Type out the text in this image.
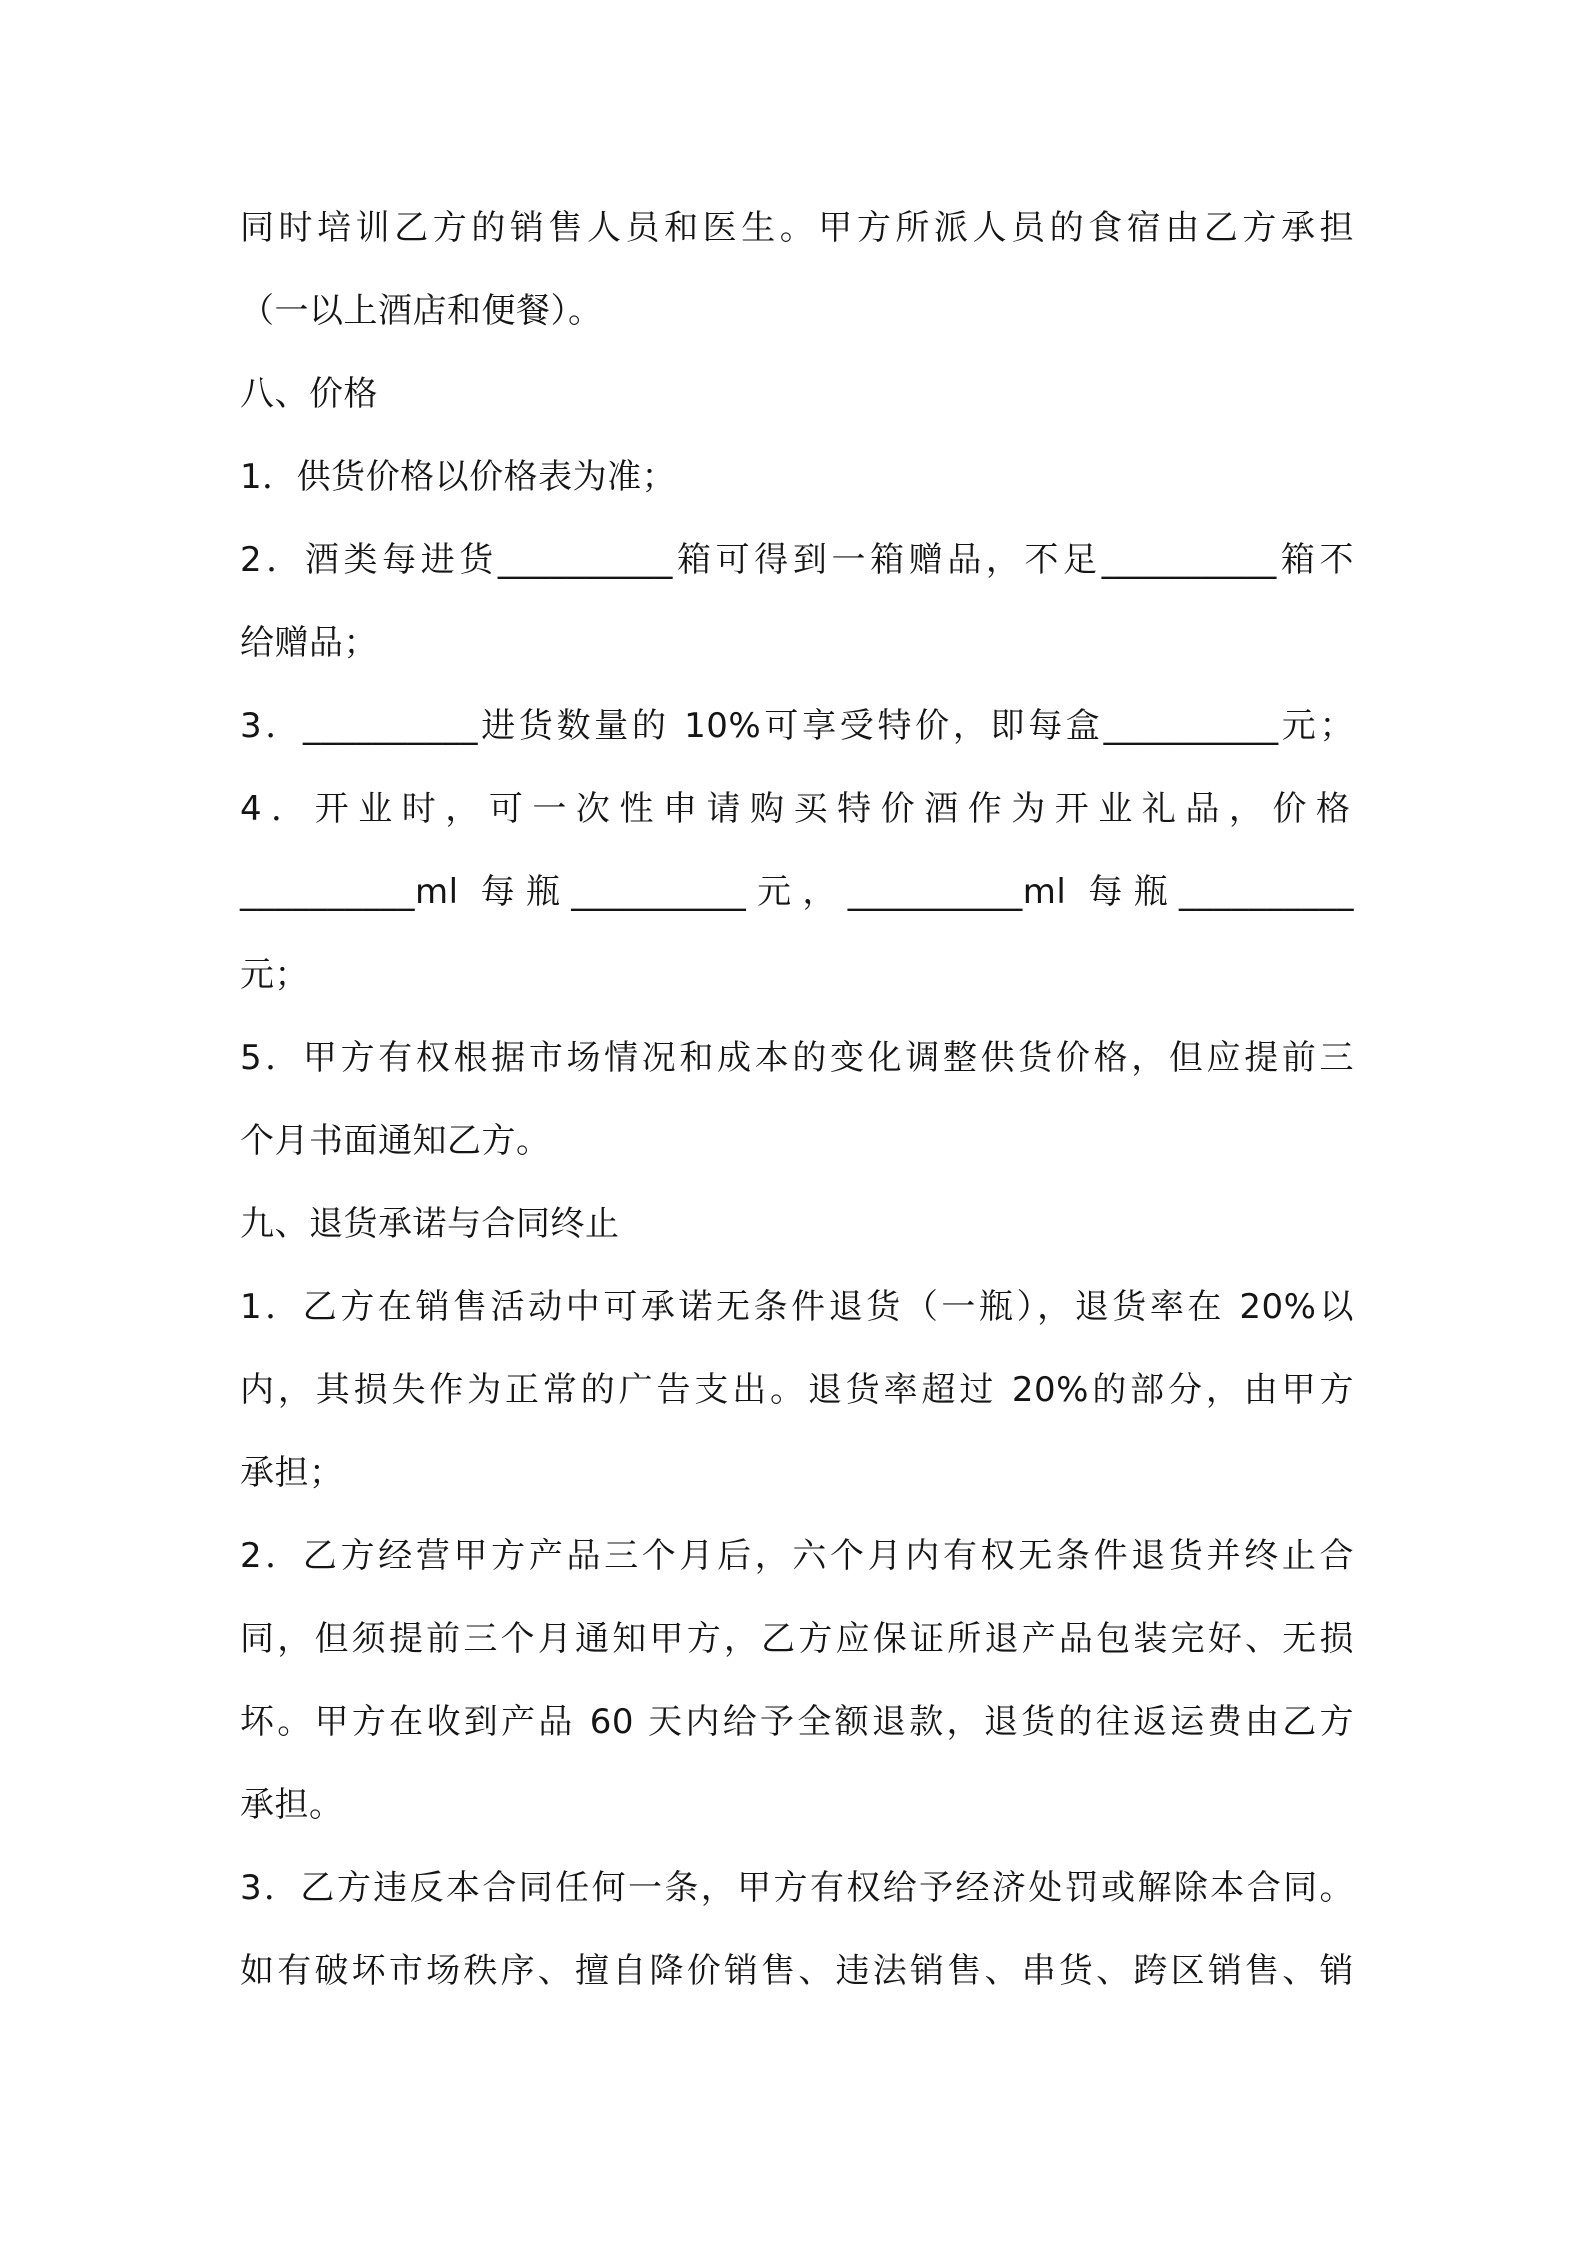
同时培训乙方的销售人员和医生。甲方所派人员的食宿由乙方承担
（一以上酒店和便餐）。
八、价格
1．供货价格以价格表为准；
2．酒类每进货__________箱可得到一箱赠品，不足__________箱不
给赠品；
3．__________进货数量的 10%可享受特价，即每盒__________元；
4．开业时，可一次性申请购买特价酒作为开业礼品，价格
__________ml 每瓶__________元，__________ml 每瓶__________
元；
5．甲方有权根据市场情况和成本的变化调整供货价格，但应提前三
个月书面通知乙方。
九、退货承诺与合同终止
1．乙方在销售活动中可承诺无条件退货（一瓶），退货率在 20%以
内，其损失作为正常的广告支出。退货率超过 20%的部分，由甲方
承担；
2．乙方经营甲方产品三个月后，六个月内有权无条件退货并终止合
同，但须提前三个月通知甲方，乙方应保证所退产品包装完好、无损
坏。甲方在收到产品 60 天内给予全额退款，退货的往返运费由乙方
承担。
3．乙方违反本合同任何一条，甲方有权给予经济处罚或解除本合同。
如有破坏市场秩序、擅自降价销售、违法销售、串货、跨区销售、销
